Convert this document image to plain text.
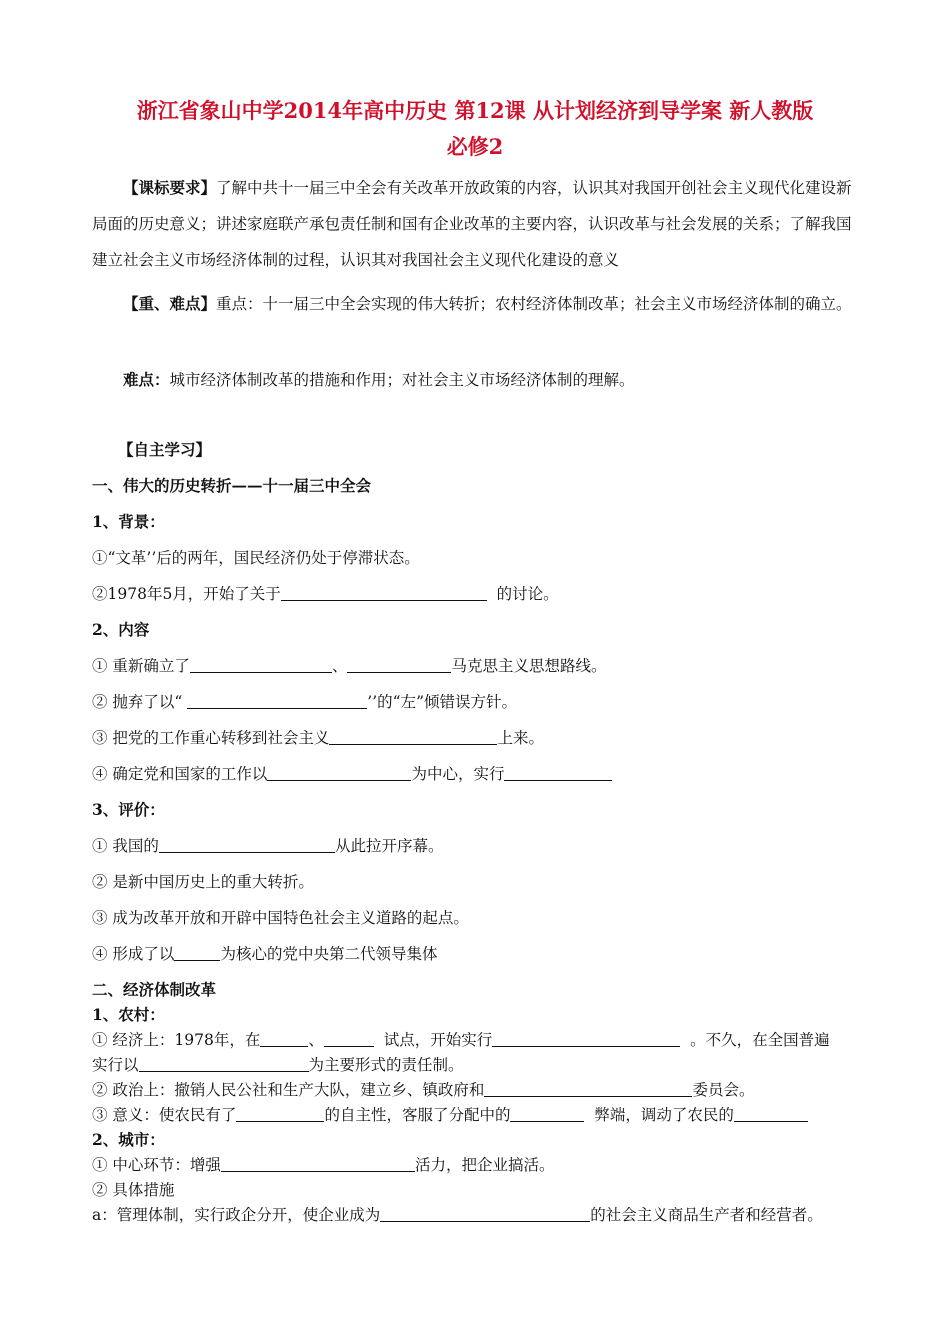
浙江省象山中学2014年高中历史 第12课 从计划经济到导学案 新人教版
必修2
【课标要求】了解中共十一届三中全会有关改革开放政策的内容，认识其对我国开创社会主义现代化建设新局面的历史意义；讲述家庭联产承包责任制和国有企业改革的主要内容，认识改革与社会发展的关系；了解我国建立社会主义市场经济体制的过程，认识其对我国社会主义现代化建设的意义
【重、难点】重点：十一届三中全会实现的伟大转折；农村经济体制改革；社会主义市场经济体制的确立。
难点：城市经济体制改革的措施和作用；对社会主义市场经济体制的理解。
【自主学习】
一、伟大的历史转折——十一届三中全会
1、背景：
①“文革’’后的两年，国民经济仍处于停滞状态。
②1978年5月，开始了关于	的讨论。
2、内容
① 重新确立了	、	马克思主义思想路线。
② 抛弃了以“	’’的“左”倾错误方针。
③ 把党的工作重心转移到社会主义	上来。
④ 确定党和国家的工作以	为中心，实行
3、评价：
① 我国的	从此拉开序幕。
② 是新中国历史上的重大转折。
③ 成为改革开放和开辟中国特色社会主义道路的起点。
④ 形成了以	为核心的党中央第二代领导集体
二、经济体制改革
1、农村：
① 经济上：1978年，在	、	试点，开始实行	。不久，在全国普遍
实行以	为主要形式的责任制。
② 政治上：撤销人民公社和生产大队，建立乡、镇政府和	委员会。
③ 意义：使农民有了	的自主性，客服了分配中的	弊端，调动了农民的
2、城市：
① 中心环节：增强	活力，把企业搞活。
② 具体措施
a：管理体制，实行政企分开，使企业成为	的社会主义商品生产者和经营者。
